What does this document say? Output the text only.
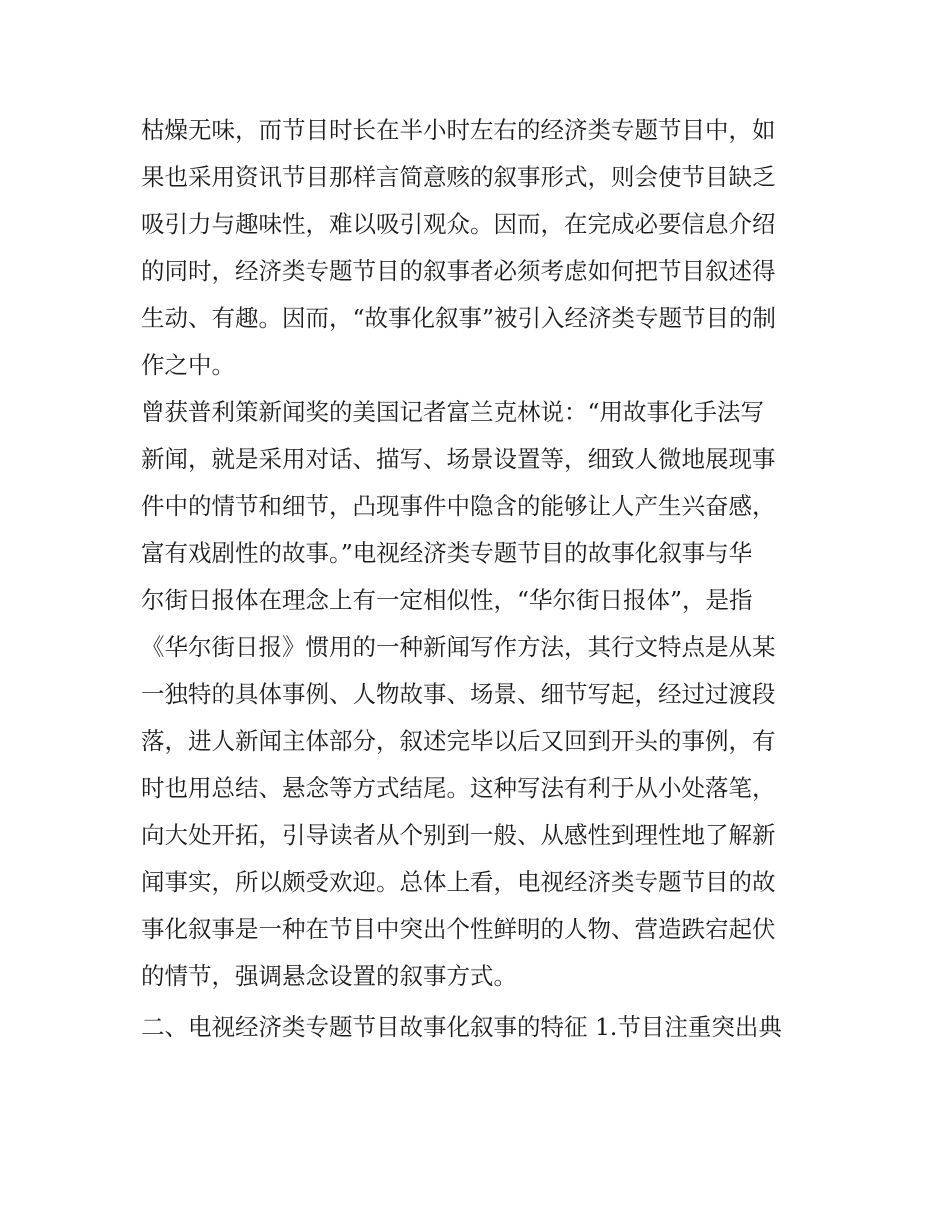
枯燥无味，而节目时长在半小时左右的经济类专题节目中，如
果也采用资讯节目那样言简意赅的叙事形式，则会使节目缺乏
吸引力与趣味性，难以吸引观众。因而，在完成必要信息介绍
的同时，经济类专题节目的叙事者必须考虑如何把节目叙述得
生动、有趣。因而，“故事化叙事”被引入经济类专题节目的制
作之中。
曾获普利策新闻奖的美国记者富兰克林说：“用故事化手法写
新闻，就是采用对话、描写、场景设置等，细致人微地展现事
件中的情节和细节，凸现事件中隐含的能够让人产生兴奋感，
富有戏剧性的故事。”电视经济类专题节目的故事化叙事与华
尔街日报体在理念上有一定相似性，“华尔街日报体”，是指
《华尔街日报》惯用的一种新闻写作方法，其行文特点是从某
一独特的具体事例、人物故事、场景、细节写起，经过过渡段
落，进人新闻主体部分，叙述完毕以后又回到开头的事例，有
时也用总结、悬念等方式结尾。这种写法有利于从小处落笔，
向大处开拓，引导读者从个别到一般、从感性到理性地了解新
闻事实，所以颇受欢迎。总体上看，电视经济类专题节目的故
事化叙事是一种在节目中突出个性鲜明的人物、营造跌宕起伏
的情节，强调悬念设置的叙事方式。
二、电视经济类专题节目故事化叙事的特征 1.节目注重突出典
